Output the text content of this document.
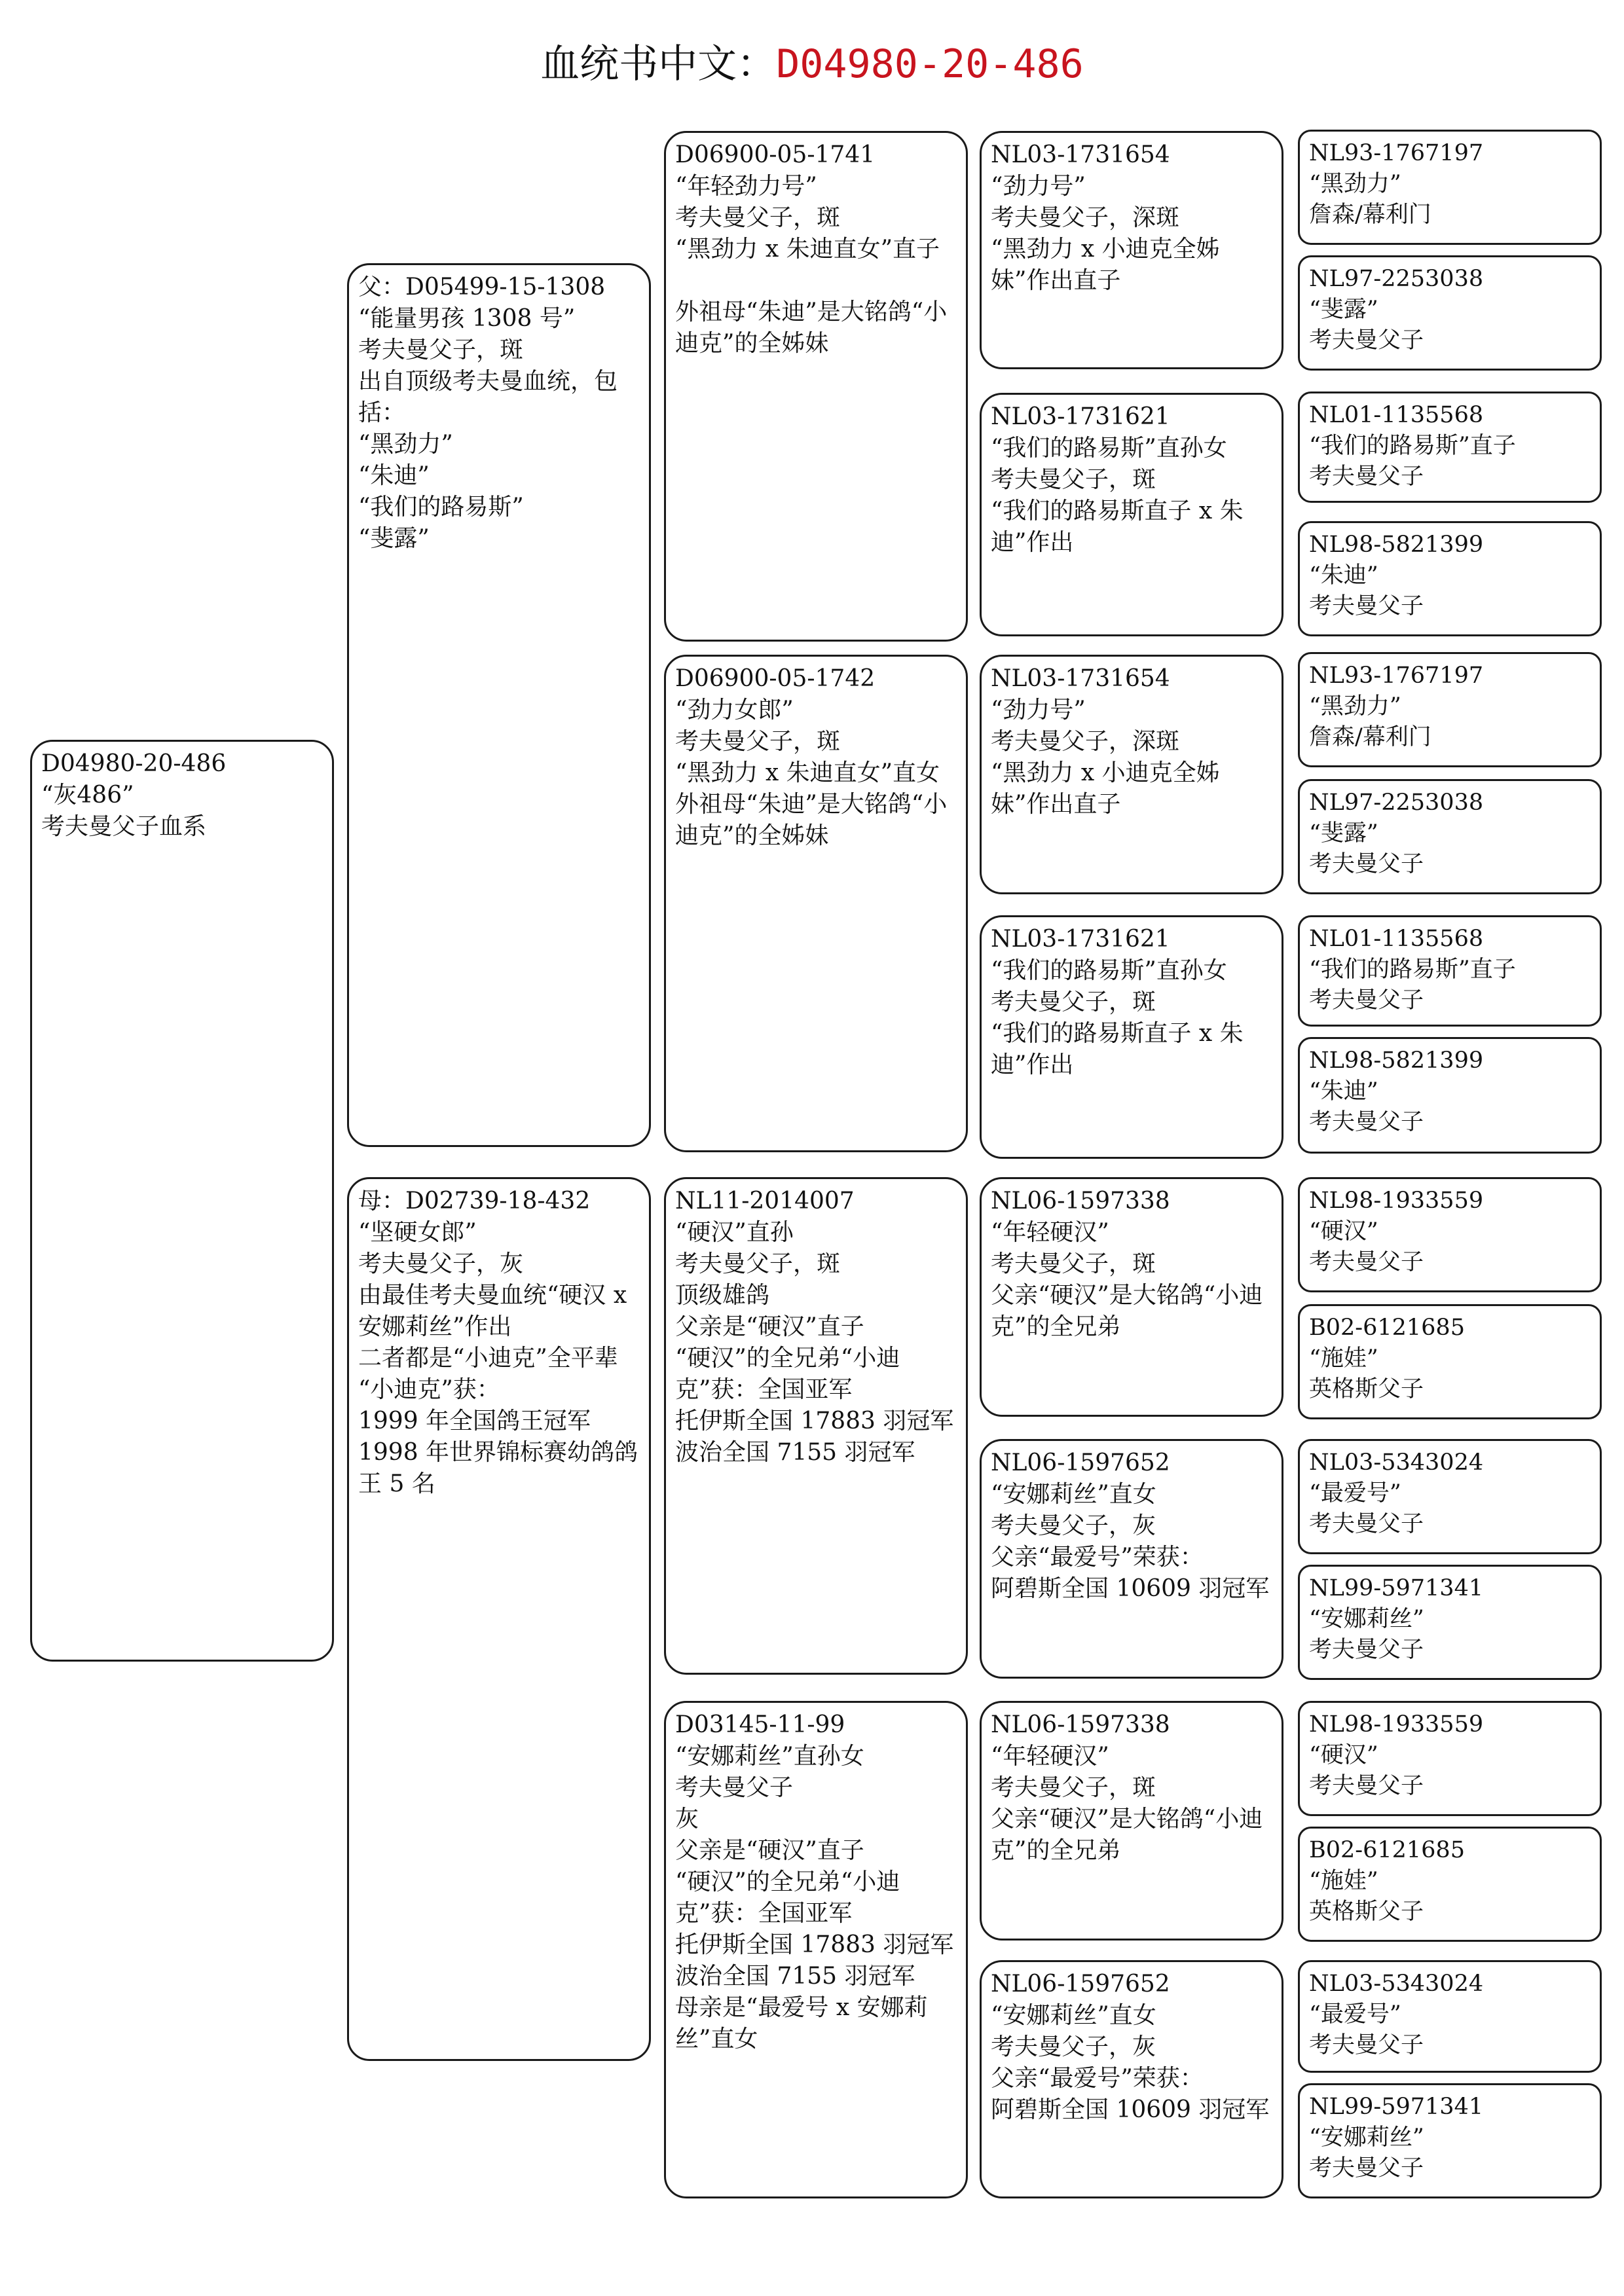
血统书中文：D04980-20-486
D04980-20-486
“灰486”
考夫曼父子血系
父：D05499-15-1308
“能量男孩 1308 号”
考夫曼父子，斑
出自顶级考夫曼血统，包括：
“黑劲力”
“朱迪”
“我们的路易斯”
“斐露”
母：D02739-18-432
“坚硬女郎”
考夫曼父子，灰
由最佳考夫曼血统“硬汉 x 安娜莉丝”作出
二者都是“小迪克”全平辈
“小迪克”获：
1999 年全国鸽王冠军
1998 年世界锦标赛幼鸽鸽王 5 名
D06900-05-1741
“年轻劲力号”
考夫曼父子，斑
“黑劲力 x 朱迪直女”直子
外祖母“朱迪”是大铭鸽“小迪克”的全姊妹
D06900-05-1742
“劲力女郎”
考夫曼父子，斑
“黑劲力 x 朱迪直女”直女
外祖母“朱迪”是大铭鸽“小迪克”的全姊妹
NL11-2014007
“硬汉”直孙
考夫曼父子，斑
顶级雄鸽
父亲是“硬汉”直子
“硬汉”的全兄弟“小迪克”获：全国亚军
托伊斯全国 17883 羽冠军
波治全国 7155 羽冠军
D03145-11-99
“安娜莉丝”直孙女
考夫曼父子
灰
父亲是“硬汉”直子
“硬汉”的全兄弟“小迪克”获：全国亚军
托伊斯全国 17883 羽冠军
波治全国 7155 羽冠军
母亲是“最爱号 x 安娜莉丝”直女
NL03-1731654
“劲力号”
考夫曼父子，深斑
“黑劲力 x 小迪克全姊妹”作出直子
NL03-1731621
“我们的路易斯”直孙女
考夫曼父子，斑
“我们的路易斯直子 x 朱迪”作出
NL03-1731654
“劲力号”
考夫曼父子，深斑
“黑劲力 x 小迪克全姊妹”作出直子
NL03-1731621
“我们的路易斯”直孙女
考夫曼父子，斑
“我们的路易斯直子 x 朱迪”作出
NL06-1597338
“年轻硬汉”
考夫曼父子，斑
父亲“硬汉”是大铭鸽“小迪克”的全兄弟
NL06-1597652
“安娜莉丝”直女
考夫曼父子，灰
父亲“最爱号”荣获：
阿碧斯全国 10609 羽冠军
NL06-1597338
“年轻硬汉”
考夫曼父子，斑
父亲“硬汉”是大铭鸽“小迪克”的全兄弟
NL06-1597652
“安娜莉丝”直女
考夫曼父子，灰
父亲“最爱号”荣获：
阿碧斯全国 10609 羽冠军
NL93-1767197
“黑劲力”
詹森/幕利门
NL97-2253038
“斐露”
考夫曼父子
NL01-1135568
“我们的路易斯”直子
考夫曼父子
NL98-5821399
“朱迪”
考夫曼父子
NL93-1767197
“黑劲力”
詹森/幕利门
NL97-2253038
“斐露”
考夫曼父子
NL01-1135568
“我们的路易斯”直子
考夫曼父子
NL98-5821399
“朱迪”
考夫曼父子
NL98-1933559
“硬汉”
考夫曼父子
B02-6121685
“施娃”
英格斯父子
NL03-5343024
“最爱号”
考夫曼父子
NL99-5971341
“安娜莉丝”
考夫曼父子
NL98-1933559
“硬汉”
考夫曼父子
B02-6121685
“施娃”
英格斯父子
NL03-5343024
“最爱号”
考夫曼父子
NL99-5971341
“安娜莉丝”
考夫曼父子
